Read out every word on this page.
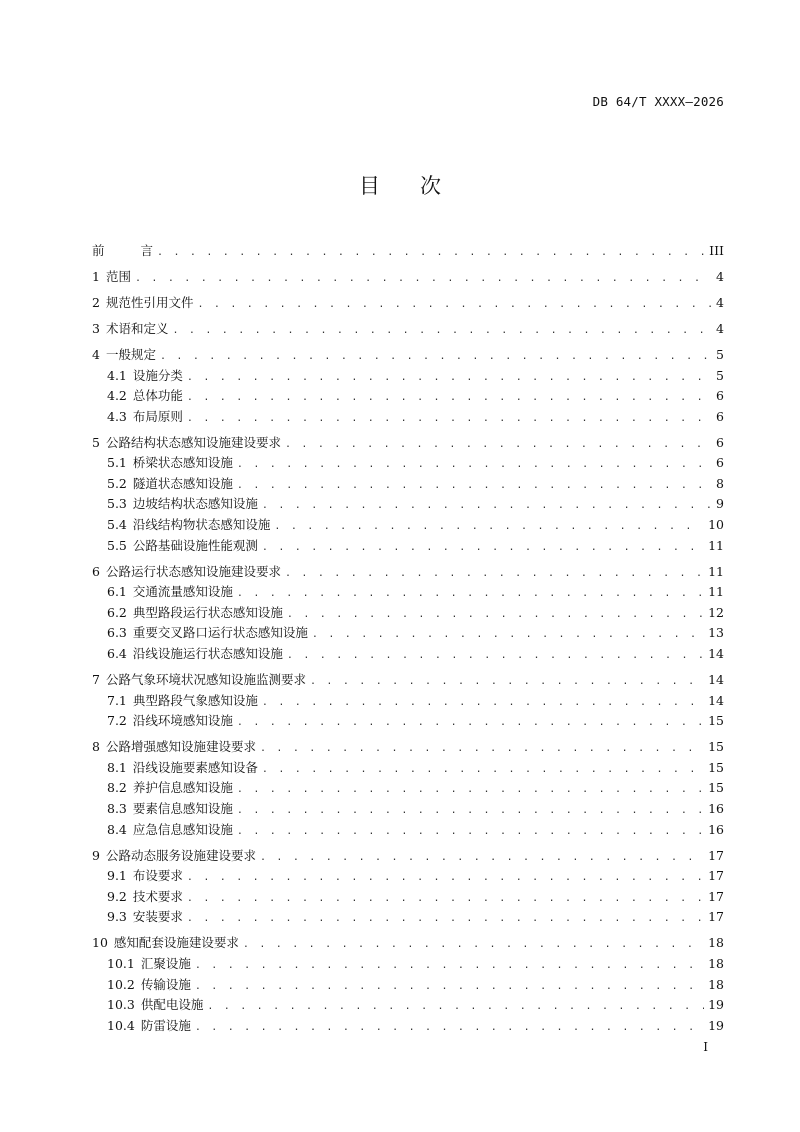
DB 64/T XXXX—2026
目 次
前	言 . . .	III
1 范围 . . .	4
2 规范性引用文件 . . .	4
3 术语和定义 . . .	4
4 一般规定 . . .	5
4.1 设施分类 . . .	5
4.2 总体功能 . . .	6
4.3 布局原则 . . .	6
5 公路结构状态感知设施建设要求 . . .	6
5.1 桥梁状态感知设施 . . .	6
5.2 隧道状态感知设施 . . .	8
5.3 边坡结构状态感知设施 . . .	9
5.4 沿线结构物状态感知设施 . . .	10
5.5 公路基础设施性能观测 . . .	11
6 公路运行状态感知设施建设要求 . . .	11
6.1 交通流量感知设施 . . .	11
6.2 典型路段运行状态感知设施 . . .	12
6.3 重要交叉路口运行状态感知设施 . . .	13
6.4 沿线设施运行状态感知设施 . . .	14
7 公路气象环境状况感知设施监测要求 . . .	14
7.1 典型路段气象感知设施 . . .	14
7.2 沿线环境感知设施 . . .	15
8 公路增强感知设施建设要求 . . .	15
8.1 沿线设施要素感知设备 . . .	15
8.2 养护信息感知设施 . . .	15
8.3 要素信息感知设施 . . .	16
8.4 应急信息感知设施 . . .	16
9 公路动态服务设施建设要求 . . .	17
9.1 布设要求 . . .	17
9.2 技术要求 . . .	17
9.3 安装要求 . . .	17
10 感知配套设施建设要求 . . .	18
10.1 汇聚设施 . . .	18
10.2 传输设施 . . .	18
10.3 供配电设施 . . .	19
10.4 防雷设施 . . .	19
I
